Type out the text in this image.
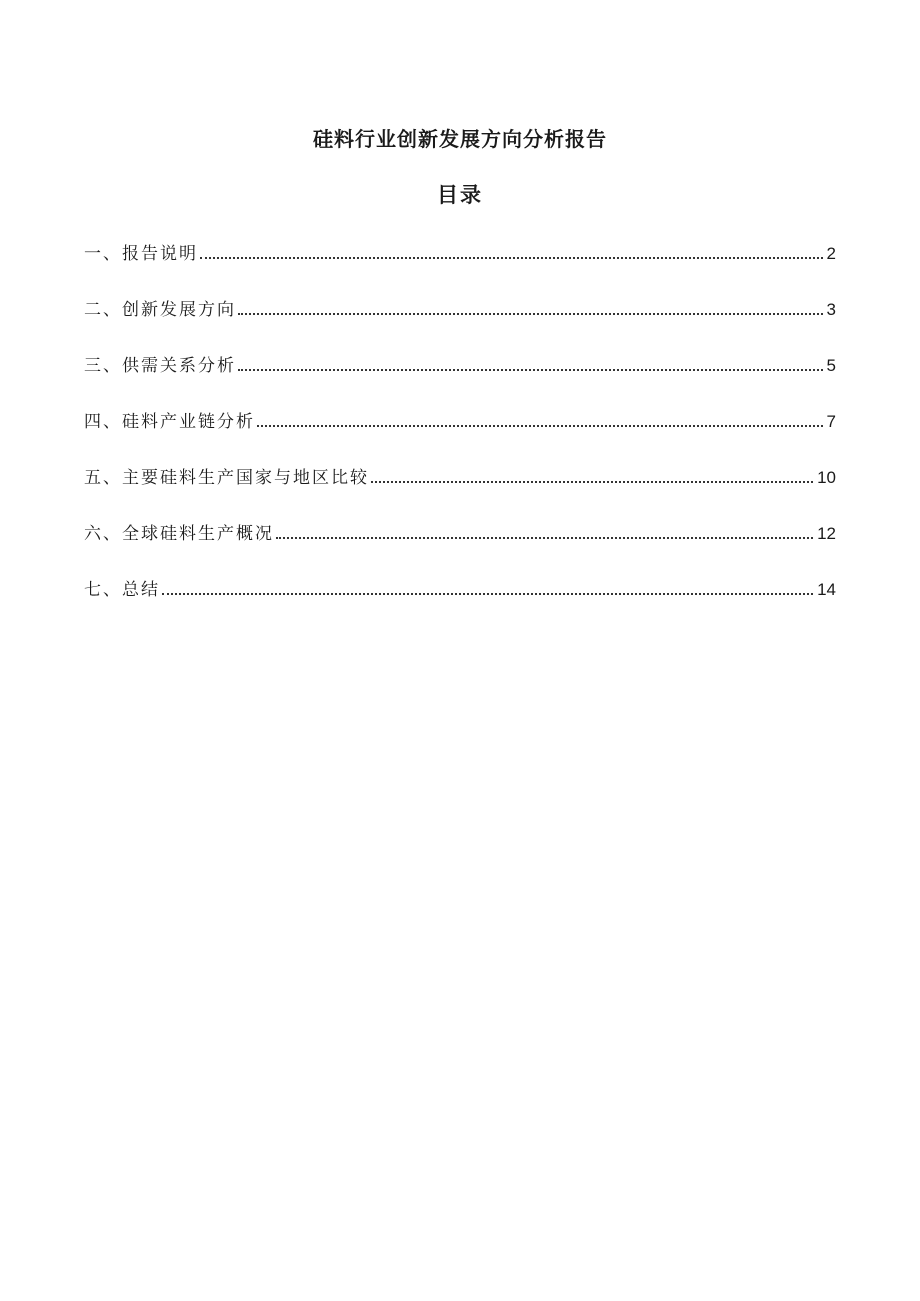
硅料行业创新发展方向分析报告
目录
一、报告说明	2
二、创新发展方向	3
三、供需关系分析	5
四、硅料产业链分析	7
五、主要硅料生产国家与地区比较	10
六、全球硅料生产概况	12
七、总结	14
